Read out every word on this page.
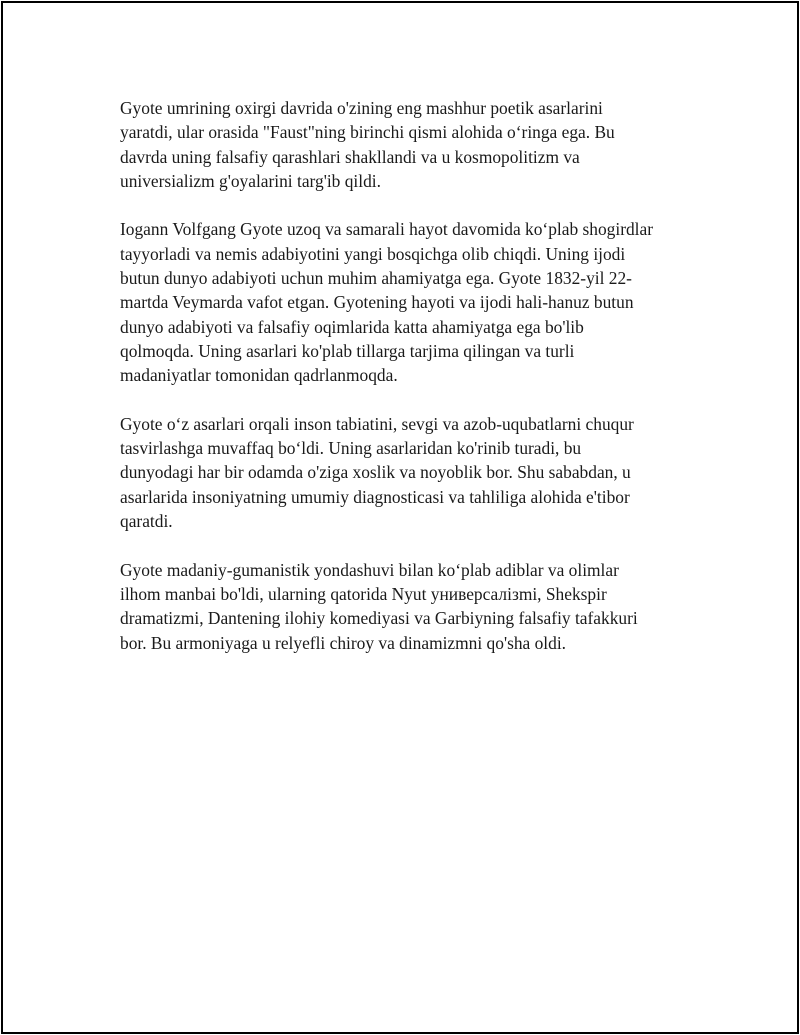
Gyote umrining oxirgi davrida o'zining eng mashhur poetik asarlarini
yaratdi, ular orasida "Faust"ning birinchi qismi alohida o‘ringa ega. Bu
davrda uning falsafiy qarashlari shakllandi va u kosmopolitizm va
universializm g'oyalarini targ'ib qildi.

Iogann Volfgang Gyote uzoq va samarali hayot davomida ko‘plab shogirdlar
tayyorladi va nemis adabiyotini yangi bosqichga olib chiqdi. Uning ijodi
butun dunyo adabiyoti uchun muhim ahamiyatga ega. Gyote 1832-yil 22-
martda Veymarda vafot etgan. Gyotening hayoti va ijodi hali-hanuz butun
dunyo adabiyoti va falsafiy oqimlarida katta ahamiyatga ega bo'lib
qolmoqda. Uning asarlari ko'plab tillarga tarjima qilingan va turli
madaniyatlar tomonidan qadrlanmoqda.

Gyote o‘z asarlari orqali inson tabiatini, sevgi va azob-uqubatlarni chuqur
tasvirlashga muvaffaq bo‘ldi. Uning asarlaridan ko'rinib turadi, bu
dunyodagi har bir odamda o'ziga xoslik va noyoblik bor. Shu sababdan, u
asarlarida insoniyatning umumiy diagnosticasi va tahliliga alohida e'tibor
qaratdi.

Gyote madaniy-gumanistik yondashuvi bilan ko‘plab adiblar va olimlar
ilhom manbai bo'ldi, ularning qatorida Nyut универсалізmi, Shekspir
dramatizmi, Dantening ilohiy komediyasi va Garbiyning falsafiy tafakkuri
bor. Bu armoniyaga u relyefli chiroy va dinamizmni qo'sha oldi.
